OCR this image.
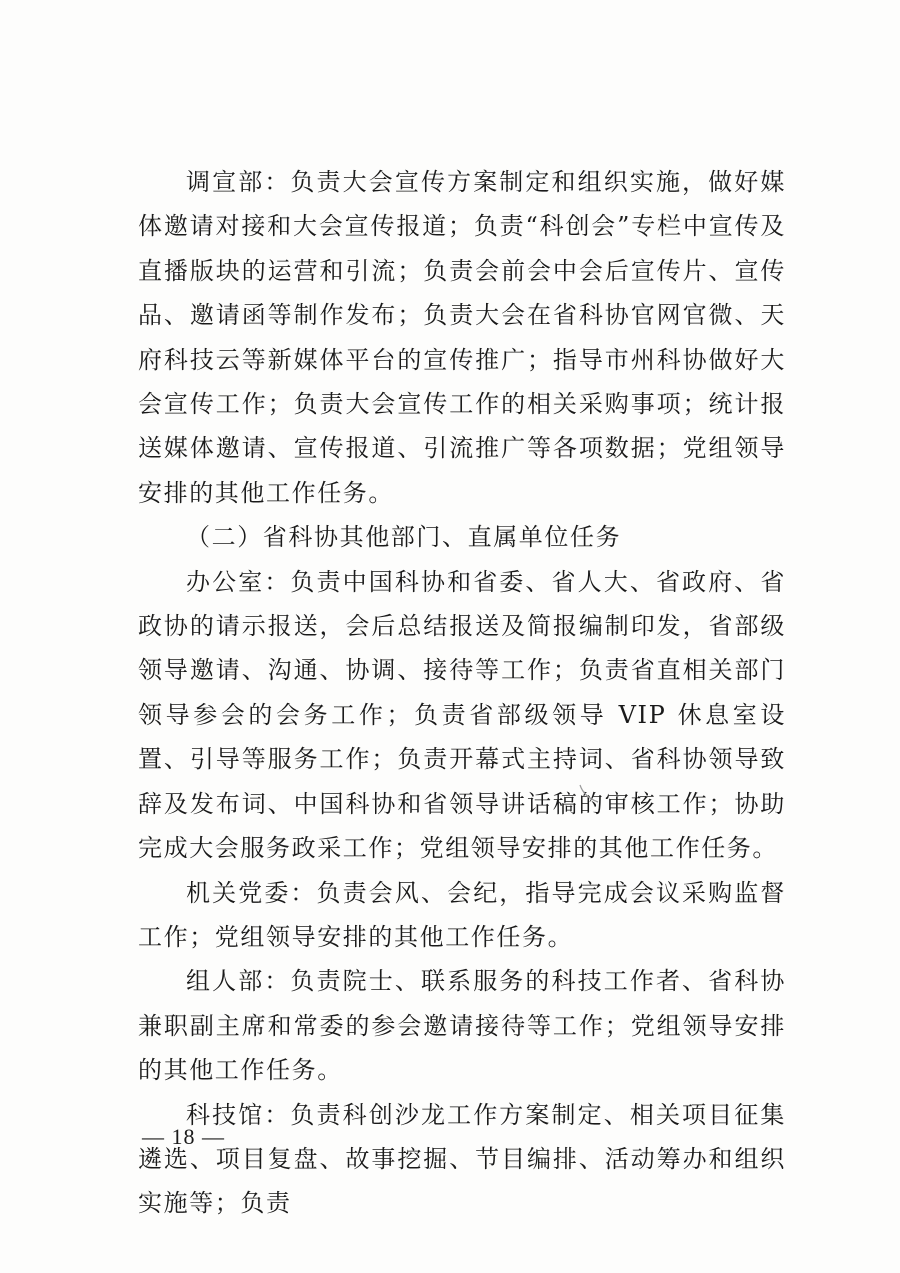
调宣部：负责大会宣传方案制定和组织实施，做好媒体邀请对接和大会宣传报道；负责“科创会”专栏中宣传及直播版块的运营和引流；负责会前会中会后宣传片、宣传品、邀请函等制作发布；负责大会在省科协官网官微、天府科技云等新媒体平台的宣传推广；指导市州科协做好大会宣传工作；负责大会宣传工作的相关采购事项；统计报送媒体邀请、宣传报道、引流推广等各项数据；党组领导安排的其他工作任务。

（二）省科协其他部门、直属单位任务

办公室：负责中国科协和省委、省人大、省政府、省政协的请示报送，会后总结报送及简报编制印发，省部级领导邀请、沟通、协调、接待等工作；负责省直相关部门领导参会的会务工作；负责省部级领导 VIP 休息室设置、引导等服务工作；负责开幕式主持词、省科协领导致辞及发布词、中国科协和省领导讲话稿的审核工作；协助完成大会服务政采工作；党组领导安排的其他工作任务。

机关党委：负责会风、会纪，指导完成会议采购监督工作；党组领导安排的其他工作任务。

组人部：负责院士、联系服务的科技工作者、省科协兼职副主席和常委的参会邀请接待等工作；党组领导安排的其他工作任务。

科技馆：负责科创沙龙工作方案制定、相关项目征集遴选、项目复盘、故事挖掘、节目编排、活动筹办和组织实施等；负责

— 18 —
